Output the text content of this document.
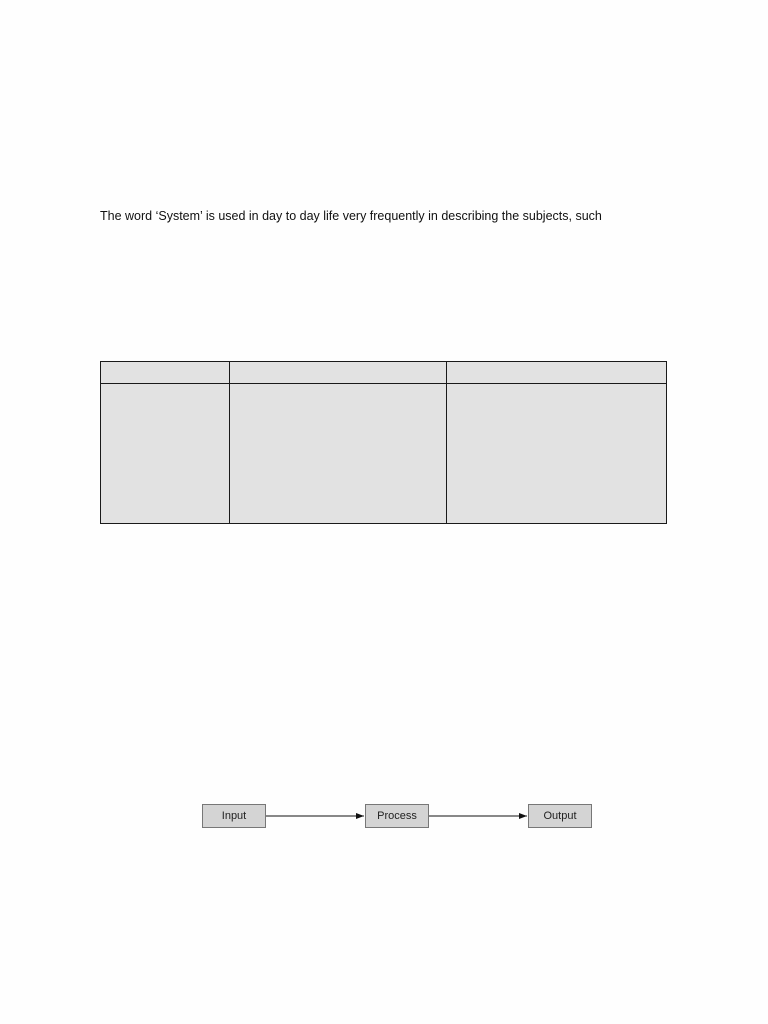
The word ‘System’ is used in day to day life very frequently in describing the subjects, such

Input	Process	Output
